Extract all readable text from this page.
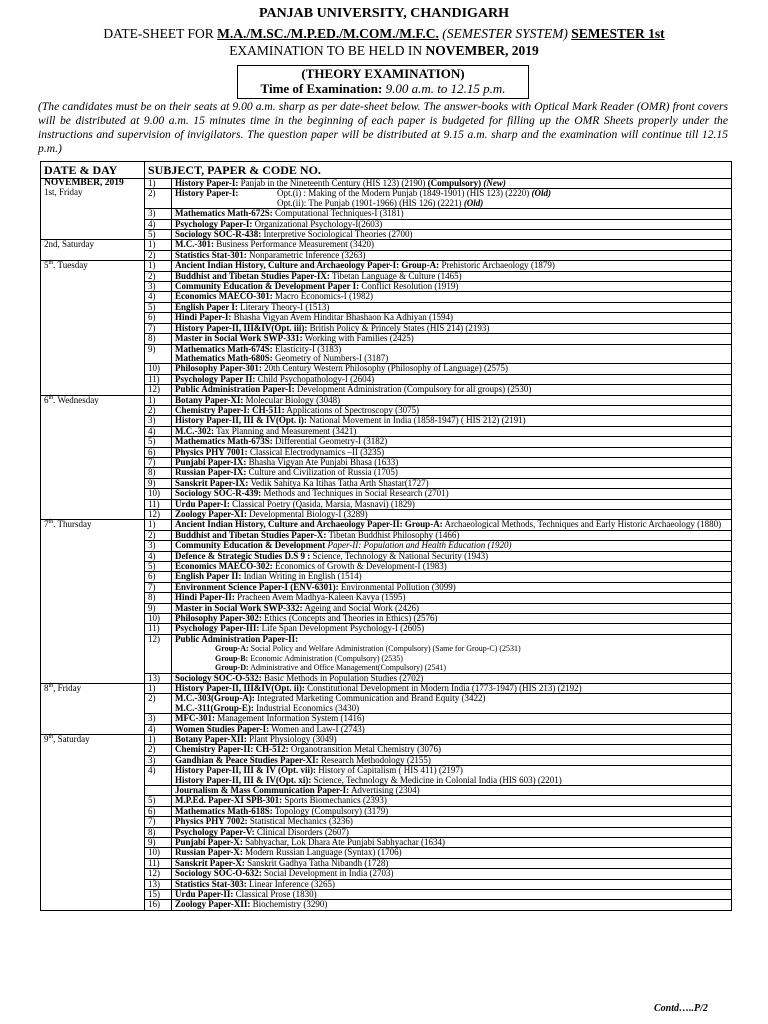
PANJAB UNIVERSITY, CHANDIGARH
DATE-SHEET FOR M.A./M.SC./M.P.ED./M.COM./M.F.C. (SEMESTER SYSTEM) SEMESTER 1st
EXAMINATION TO BE HELD IN NOVEMBER, 2019
(THEORY EXAMINATION)
Time of Examination: 9.00 a.m. to 12.15 p.m.
(The candidates must be on their seats at 9.00 a.m. sharp as per date-sheet below. The answer-books with Optical Mark Reader (OMR) front covers will be distributed at 9.00 a.m. 15 minutes time in the beginning of each paper is budgeted for filling up the OMR Sheets properly under the instructions and supervision of invigilators. The question paper will be distributed at 9.15 a.m. sharp and the examination will continue till 12.15 p.m.)
DATE & DAY	SUBJECT, PAPER & CODE NO.	

NOVEMBER, 2019
1st, Friday	1)	History Paper-I: Panjab in the Nineteenth Century (HIS 123) (2190) (Compulsory) (New)
	2)	History Paper-I: Opt.(i) : Making of the Modern Punjab (1849-1901) (HIS 123) (2220) (Old)
Opt.(ii): The Punjab (1901-1966) (HIS 126) (2221) (Old)

	3)	Mathematics Math-672S: Computational Techniques-I (3181)
	4)	Psychology Paper-I: Organizational Psychology-I(2603)
	5)	Sociology SOC-R-438: Interpretive Sociological Theories (2700)
2nd, Saturday	1)	M.C.-301: Business Performance Measurement (3420)
	2)	Statistics Stat-301: Nonparametric Inference (3263)
5th. Tuesday	1)	Ancient Indian History, Culture and Archaeology Paper-I: Group-A: Prehistoric Archaeology (1879)
	2)	Buddhist and Tibetan Studies Paper-IX: Tibetan Language & Culture (1465)
	3)	Community Education & Development Paper I: Conflict Resolution (1919)
	4)	Economics MAECO-301: Macro Economics-I (1982)
	5)	English Paper I: Literary Theory-I (1513)
	6)	Hindi Paper-I: Bhasha Vigyan Avem Hinditar Bhashaon Ka Adhiyan (1594)
	7)	History Paper-II, III&IV(Opt. iii): British Policy & Princely States (HIS 214) (2193)
	8)	Master in Social Work SWP-331: Working with Families (2425)
	9)	Mathematics Math-674S: Elasticity-I (3183)
Mathematics Math-680S: Geometry of Numbers-I (3187)

	10)	Philosophy Paper-301: 20th Century Western Philosophy (Philosophy of Language) (2575)
	11)	Psychology Paper II: Child Psychopathology-I (2604)
	12)	Public Administration Paper-I: Development Administration (Compulsory for all groups) (2530)
6th. Wednesday	1)	Botany Paper-XI: Molecular Biology (3048)
	2)	Chemistry Paper-I: CH-511: Applications of Spectroscopy (3075)
	3)	History Paper-II, III & IV(Opt. i): National Movement in India (1858-1947) ( HIS 212) (2191)
	4)	M.C.-302: Tax Planning and Measurement (3421)
	5)	Mathematics Math-673S: Differential Geometry-I (3182)
	6)	Physics PHY 7001: Classical Electrodynamics –II (3235)
	7)	Punjabi Paper-IX: Bhasha Vigyan Ate Punjabi Bhasa (1633)
	8)	Russian Paper-IX: Culture and Civilization of Russia (1705)
	9)	Sanskrit Paper-IX: Vedik Sahitya Ka Itihas Tatha Arth Shastar(1727)
	10)	Sociology SOC-R-439: Methods and Techniques in Social Research (2701)
	11)	Urdu Paper-I: Classical Poetry (Qasida, Marsia, Masnavi) (1829)
	12)	Zoology Paper-XI: Developmental Biology-I (3289)
7th. Thursday	1)	Ancient Indian History, Culture and Archaeology Paper-II: Group-A: Archaeological Methods, Techniques and Early Historic Archaeology (1880)
	2)	Buddhist and Tibetan Studies Paper-X: Tibetan Buddhist Philosophy (1466)
	3)	Community Education & Development Paper-II: Population and Health Education (1920)
	4)	Defence & Strategic Studies D.S 9 : Science, Technology & National Security (1943)
	5)	Economics MAECO-302: Economics of Growth & Development-I (1983)
	6)	English Paper II: Indian Writing in English (1514)
	7)	Environment Science Paper-I (ENV-6301): Environmental Pollution (3099)
	8)	Hindi Paper-II: Pracheen Avem Madhya-Kaleen Kavya (1595)
	9)	Master in Social Work SWP-332: Ageing and Social Work (2426)
	10)	Philosophy Paper-302: Ethics (Concepts and Theories in Ethics) (2576)
	11)	Psychology Paper-III: Life Span Development Psychology-I (2605)
	12)	Public Administration Paper-II:
Group-A: Social Policy and Welfare Administration (Compulsory) (Same for Group-C) (2531)
Group-B: Economic Administration (Compulsory) (2535)
Group-D: Administrative and Office Management(Compulsory) (2541)

	13)	Sociology SOC-O-532: Basic Methods in Population Studies (2702)
8th, Friday	1)	History Paper-II, III&IV(Opt. ii): Constitutional Development in Modern India (1773-1947) (HIS 213) (2192)
	2)	M.C.-303(Group-A): Integrated Marketing Communication and Brand Equity (3422)
M.C.-311(Group-E): Industrial Economics (3430)

	3)	MFC-301: Management Information System (1416)
	4)	Women Studies Paper-I: Women and Law-I (2743)
9th, Saturday	1)	Botany Paper-XII: Plant Physiology (3049)
	2)	Chemistry Paper-II: CH-512: Organotransition Metal Chemistry (3076)
	3)	Gandhian & Peace Studies Paper-XI: Research Methodology (2155)
	4)	History Paper-II, III & IV (Opt. vii): History of Capitalism ( HIS 411) (2197)
History Paper-II, III & IV(Opt. xi): Science, Technology & Medicine in Colonial India (HIS 603) (2201)

		Journalism & Mass Communication Paper-I: Advertising (2304)
	5)	M.P.Ed. Paper-XI SPB-301: Sports Biomechanics (2393)
	6)	Mathematics Math-618S: Topology (Compulsory) (3179)
	7)	Physics PHY 7002: Statistical Mechanics (3236)
	8)	Psychology Paper-V: Clinical Disorders (2607)
	9)	Punjabi Paper-X: Sabhyachar, Lok Dhara Ate Punjabi Sabhyachar (1634)
	10)	Russian Paper-X: Modern Russian Language (Syntax) (1706)
	11)	Sanskrit Paper-X: Sanskrit Gadhya Tatha Nibandh (1728)
	12)	Sociology SOC-O-632: Social Development in India (2703)
	13)	Statistics Stat-303: Linear Inference (3265)
	15)	Urdu Paper-II: Classical Prose (1830)
	16)	Zoology Paper-XII: Biochemistry (3290)
Contd…..P/2
